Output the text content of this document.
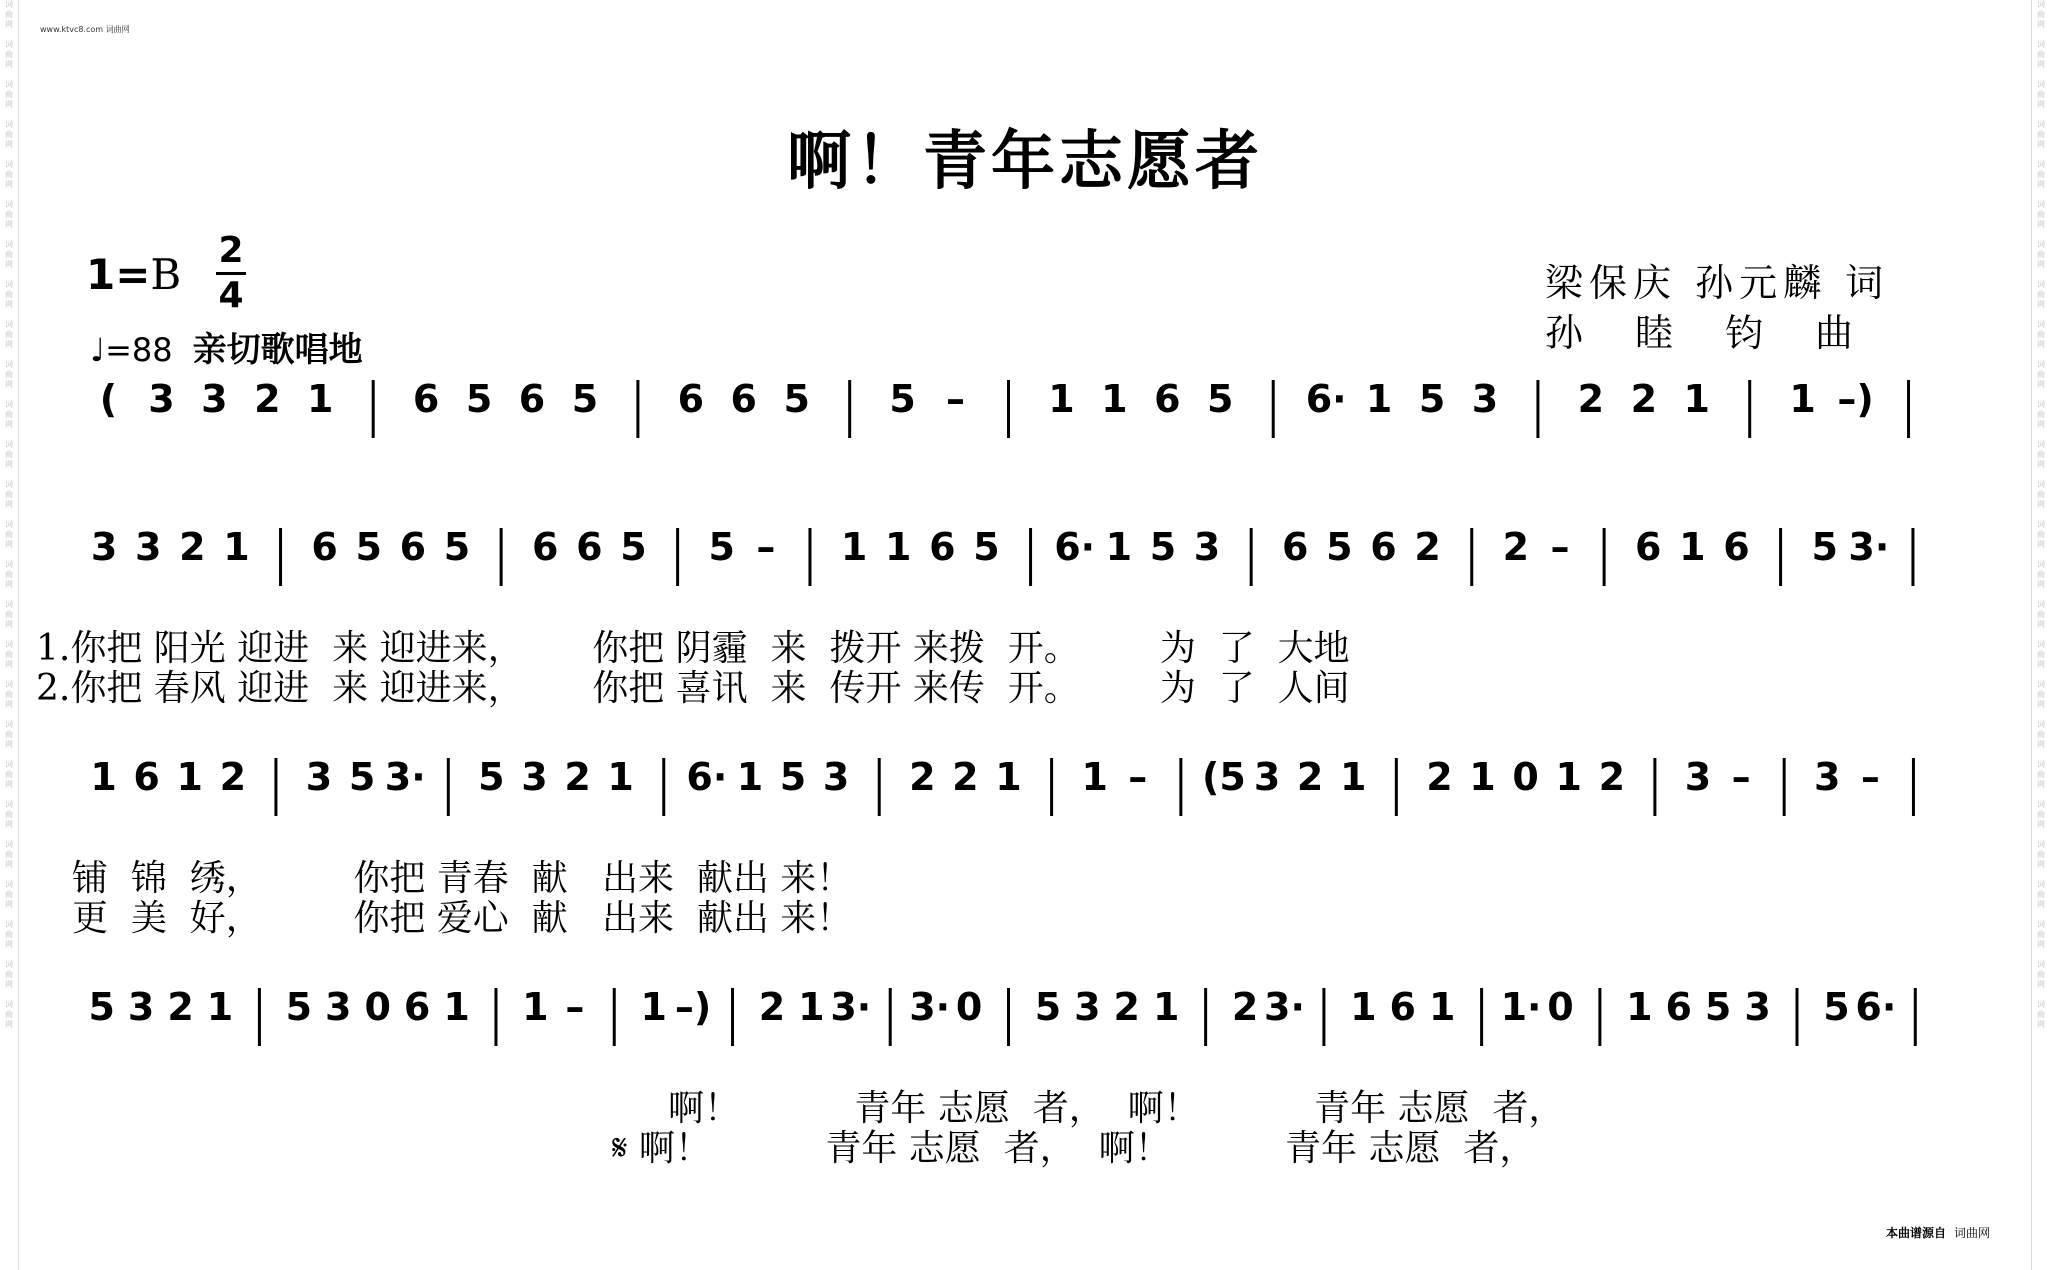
词
曲
网

词
曲
网

词
曲
网

词
曲
网

词
曲
网

词
曲
网

词
曲
网

词
曲
网

词
曲
网

词
曲
网

词
曲
网

词
曲
网

词
曲
网

词
曲
网

词
曲
网

词
曲
网

词
曲
网

词
曲
网

词
曲
网

词
曲
网

词
曲
网

词
曲
网

词
曲
网

词
曲
网

词
曲
网

词
曲
网

词
曲
网

词
曲
网

词
曲
网

词
曲
网

词
曲
网

词
曲
网

词
曲
网

词
曲
网

词
曲
网

词
曲
网

词
曲
网

词
曲
网

词
曲
网

词
曲
网

词
曲
网

词
曲
网

词
曲
网

词
曲
网

词
曲
网

词
曲
网

词
曲
网

词
曲
网

词
曲
网

词
曲
网

词
曲
网

词
曲
网

www.ktvc8.com 词曲网
啊！青年志愿者
1=B 2
4
♩=88 亲切歌唱地
梁保庆 孙元麟 词
孙睦钧曲
( 3 3 2 1 6 5 6 5 6 6 5 5 – 1 1 6 5 6· 1 5 3 2 2 1 1 –)
3 3 2 1 6 5 6 5 6 6 5 5 – 1 1 6 5 6· 1 5 3 6 5 6 2 2 – 6 1 6 5 3·
1 6 1 2 3 5 3· 5 3 2 1 6· 1 5 3 2 2 1 1 – (5 3 2 1 2 1 0 1 2 3 – 3 –
5 3 2 1 5 3 0 6 1 1 – 1 –) 2 1 3· 3· 0 5 3 2 1 2 3· 1 6 1 1· 0 1 6 5 3 5 6·
1.你把 阳光 迎进  来 迎进来，      你把 阴霾  来  拨开 来拨  开。       为  了  大地
2.你把 春风 迎进  来 迎进来，      你把 喜讯  来  传开 来传  开。       为  了  人间
铺  锦  绣，        你把 青春  献   出来  献出 来！
更  美  好，        你把 爱心  献   出来  献出 来！
啊！          青年 志愿  者，  啊！          青年 志愿  者，
𝄋 啊！          青年 志愿  者，  啊！          青年 志愿  者，
本曲谱源自 词曲网
